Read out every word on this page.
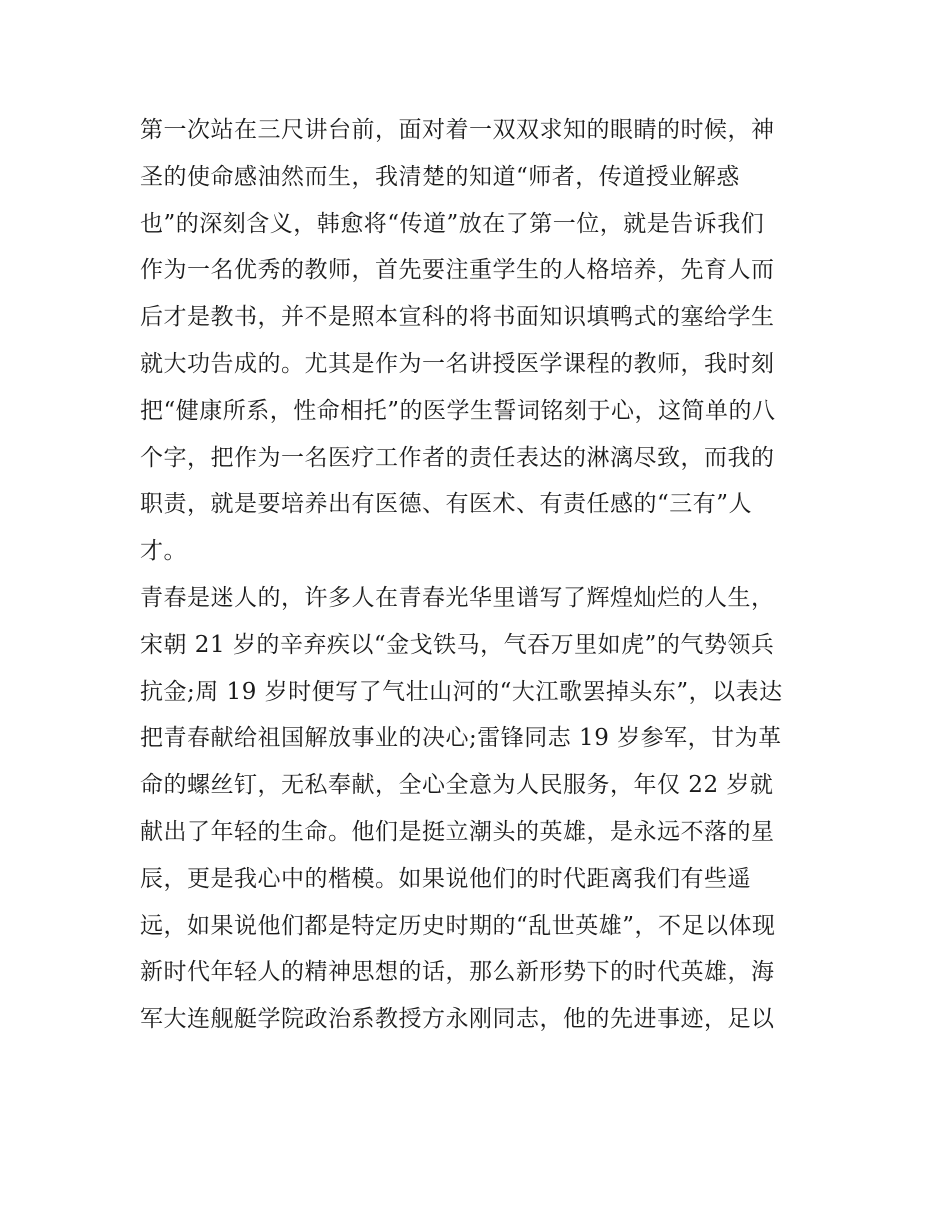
第一次站在三尺讲台前，面对着一双双求知的眼睛的时候，神
圣的使命感油然而生，我清楚的知道“师者，传道授业解惑
也”的深刻含义，韩愈将“传道”放在了第一位，就是告诉我们
作为一名优秀的教师，首先要注重学生的人格培养，先育人而
后才是教书，并不是照本宣科的将书面知识填鸭式的塞给学生
就大功告成的。尤其是作为一名讲授医学课程的教师，我时刻
把“健康所系，性命相托”的医学生誓词铭刻于心，这简单的八
个字，把作为一名医疗工作者的责任表达的淋漓尽致，而我的
职责，就是要培养出有医德、有医术、有责任感的“三有”人
才。
青春是迷人的，许多人在青春光华里谱写了辉煌灿烂的人生，
宋朝 21 岁的辛弃疾以“金戈铁马，气吞万里如虎”的气势领兵
抗金;周 19 岁时便写了气壮山河的“大江歌罢掉头东”，以表达
把青春献给祖国解放事业的决心;雷锋同志 19 岁参军，甘为革
命的螺丝钉，无私奉献，全心全意为人民服务，年仅 22 岁就
献出了年轻的生命。他们是挺立潮头的英雄，是永远不落的星
辰，更是我心中的楷模。如果说他们的时代距离我们有些遥
远，如果说他们都是特定历史时期的“乱世英雄”，不足以体现
新时代年轻人的精神思想的话，那么新形势下的时代英雄，海
军大连舰艇学院政治系教授方永刚同志，他的先进事迹，足以
